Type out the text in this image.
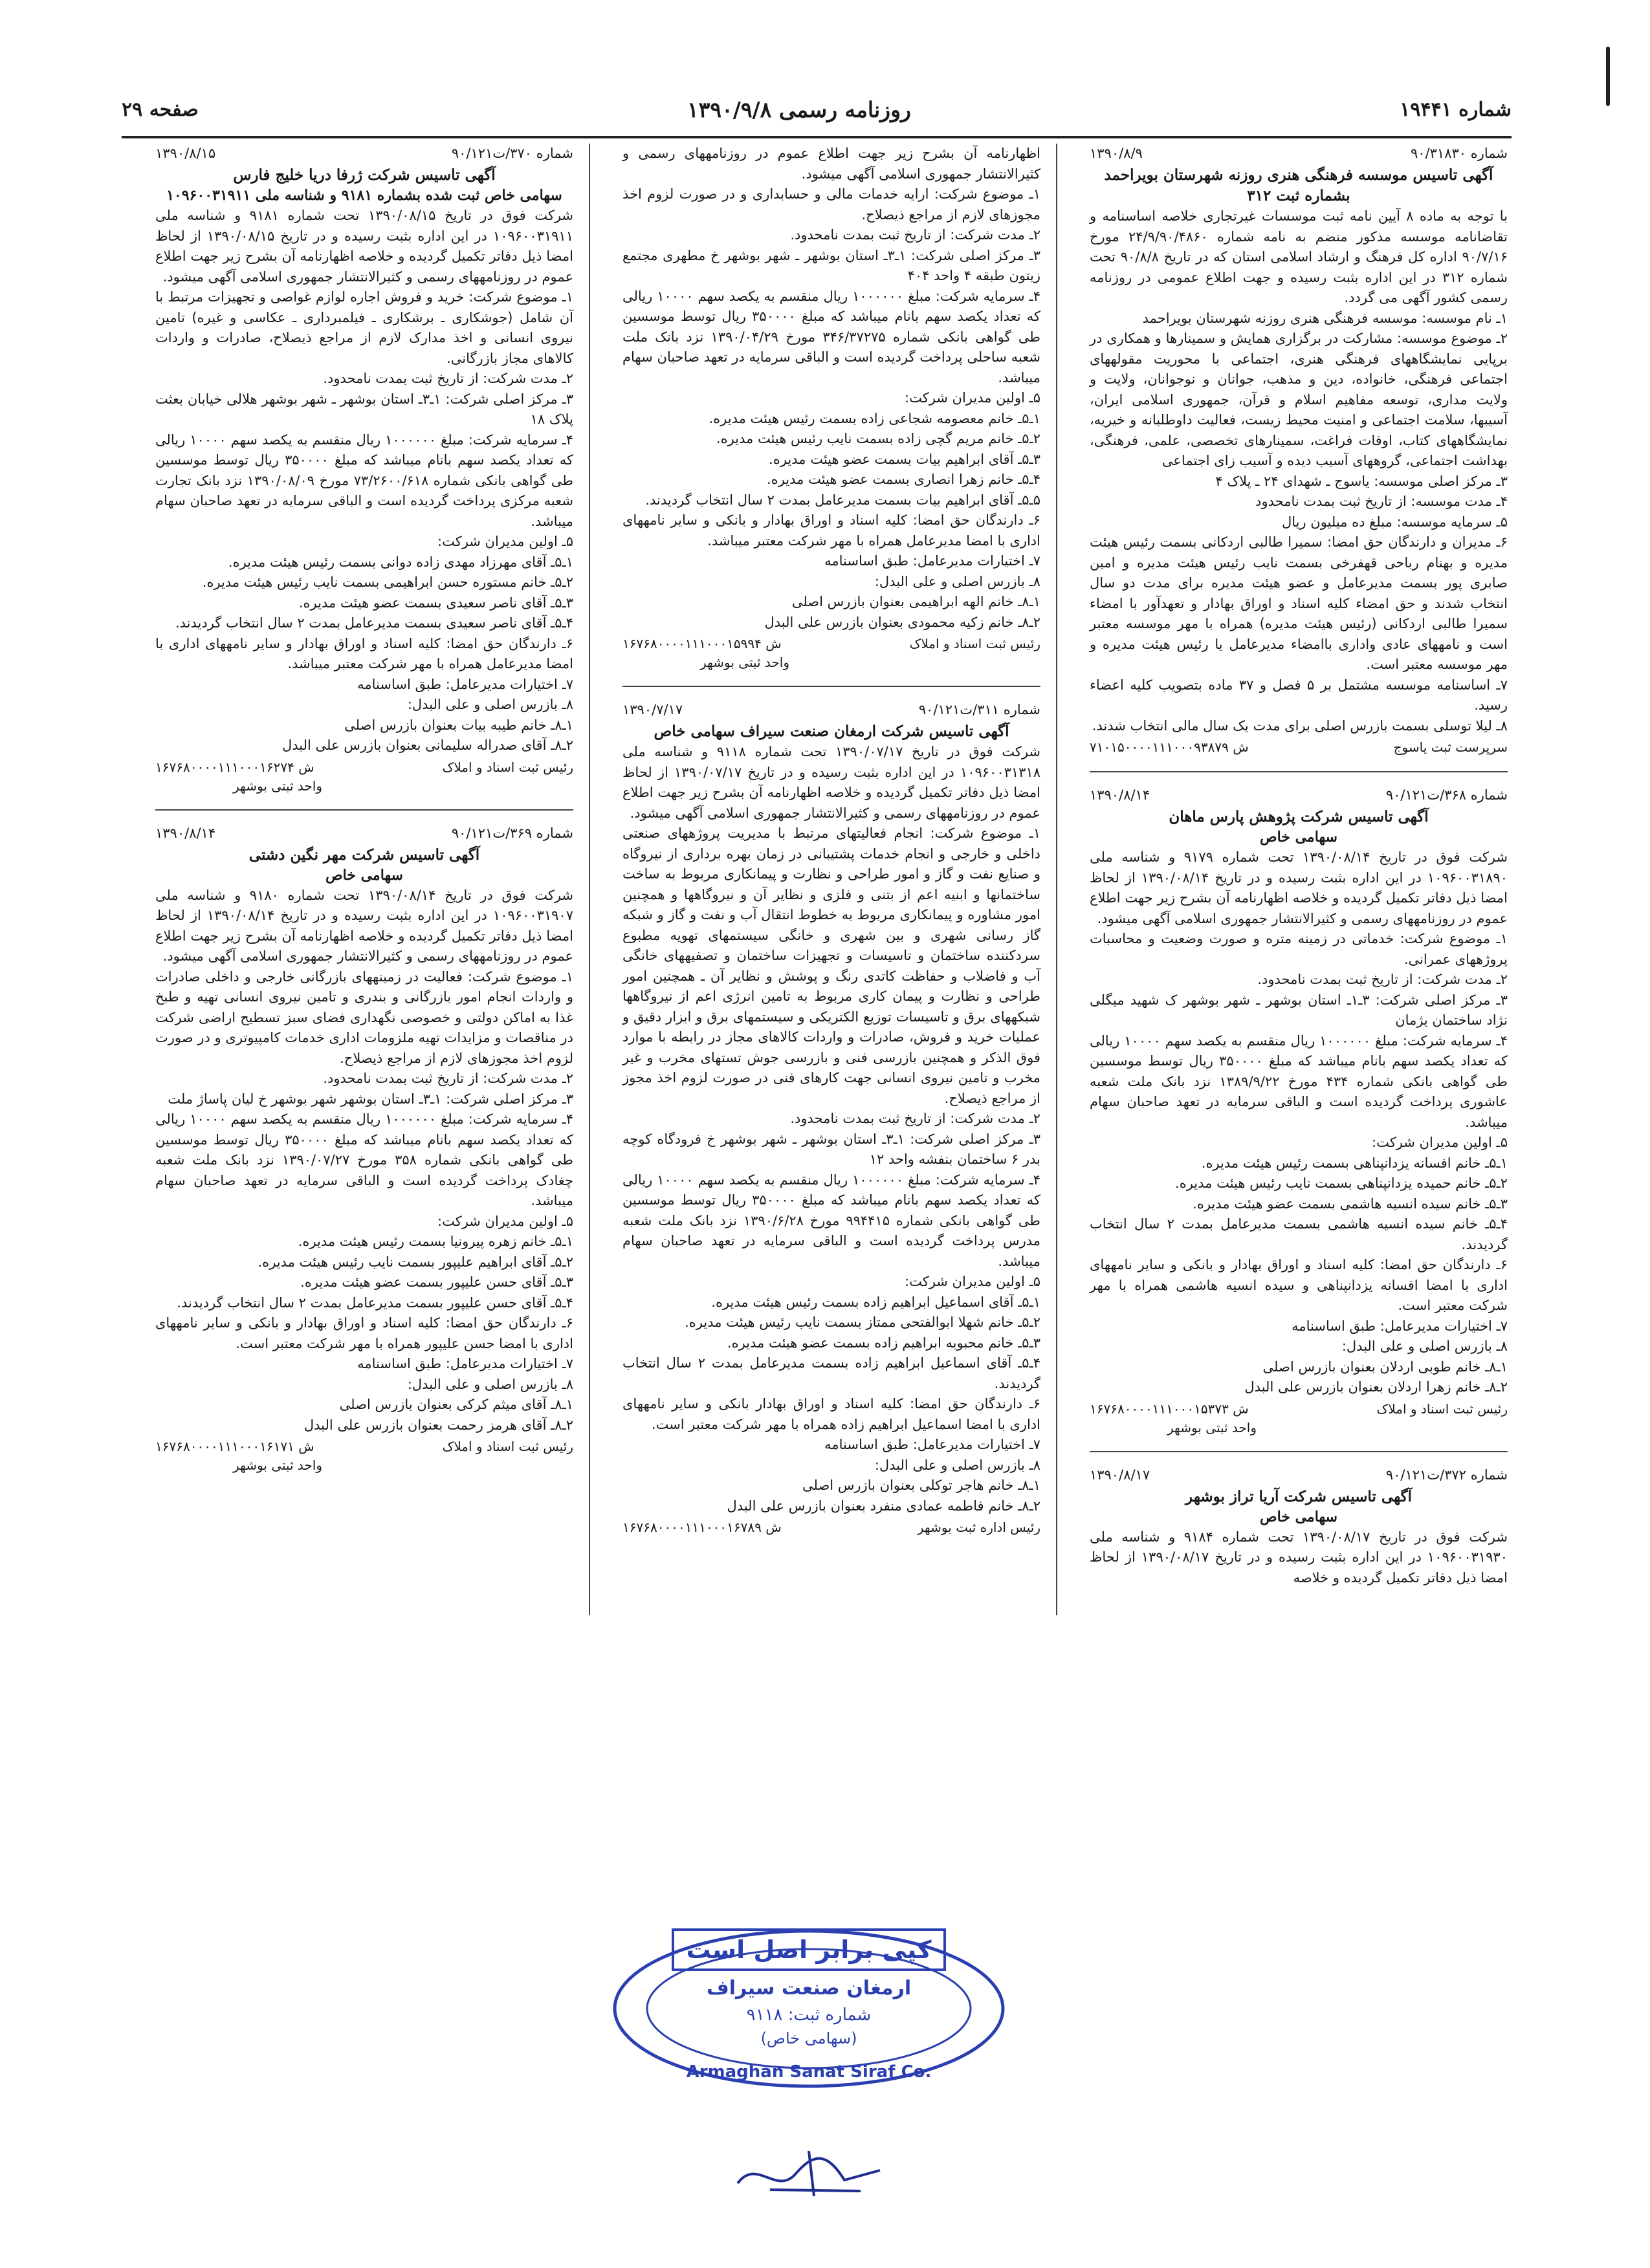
شماره ۱۹۴۴۱
روزنامه رسمی ۱۳۹۰/۹/۸
صفحه ۲۹
شماره ۹۰/۳۱۸۳۰
۱۳۹۰/۸/۹
آگهی تاسیس موسسه فرهنگی هنری روزنه شهرستان بویراحمد بشماره ثبت ۳۱۲

با توجه به ماده ۸ آیین نامه ثبت موسسات غیرتجاری خلاصه اساسنامه و تقاضانامه موسسه مذکور منضم به نامه شماره ۲۴/۹/۹۰/۴۸۶۰ مورخ ۹۰/۷/۱۶ اداره کل فرهنگ و ارشاد اسلامی استان که در تاریخ ۹۰/۸/۸ تحت شماره ۳۱۲ در این اداره بثبت رسیده و جهت اطلاع عمومی در روزنامه رسمی کشور آگهی می گردد.

۱ـ نام موسسه: موسسه فرهنگی هنری روزنه شهرستان بویراحمد

۲ـ موضوع موسسه: مشارکت در برگزاری همایش و سمینارها و همکاری در برپایی نمایشگاههای فرهنگی هنری، اجتماعی با محوریت مقولههای اجتماعی فرهنگی، خانواده، دین و مذهب، جوانان و نوجوانان، ولایت و ولایت مداری، توسعه مفاهیم اسلام و قرآن، جمهوری اسلامی ایران، آسیبها، سلامت اجتماعی و امنیت محیط زیست، فعالیت داوطلبانه و خیریه، نمایشگاههای کتاب، اوقات فراغت، سمینارهای تخصصی، علمی، فرهنگی، بهداشت اجتماعی، گروههای آسیب دیده و آسیب زای اجتماعی

۳ـ مرکز اصلی موسسه: یاسوج ـ شهدای ۲۴ ـ پلاک ۴

۴ـ مدت موسسه: از تاریخ ثبت بمدت نامحدود

۵ـ سرمایه موسسه: مبلغ ده میلیون ریال

۶ـ مدیران و دارندگان حق امضا: سمیرا طالبی اردکانی بسمت رئیس هیئت مدیره و بهنام رباحی قهفرخی بسمت نایب رئیس هیئت مدیره و امین صابری پور بسمت مدیرعامل و عضو هیئت مدیره برای مدت دو سال انتخاب شدند و حق امضاء کلیه اسناد و اوراق بهادار و تعهدآور با امضاء سمیرا طالبی اردکانی (رئیس هیئت مدیره) همراه با مهر موسسه معتبر است و نامههای عادی واداری باامضاء مدیرعامل یا رئیس هیئت مدیره و مهر موسسه معتبر است.

۷ـ اساسنامه موسسه مشتمل بر ۵ فصل و ۳۷ ماده بتصویب کلیه اعضاء رسید.

۸ـ لیلا توسلی بسمت بازرس اصلی برای مدت یک سال مالی انتخاب شدند.

سرپرست ثبت یاسوج
ش ۷۱۰۱۵۰۰۰۰۱۱۱۰۰۰۹۳۸۷۹
شماره ۳۶۸/ت۹۰/۱۲۱
۱۳۹۰/۸/۱۴
آگهی تاسیس شرکت پژوهش پارس ماهان
سهامی خاص

شرکت فوق در تاریخ ۱۳۹۰/۰۸/۱۴ تحت شماره ۹۱۷۹ و شناسه ملی ۱۰۹۶۰۰۳۱۸۹۰ در این اداره بثبت رسیده و در تاریخ ۱۳۹۰/۰۸/۱۴ از لحاظ امضا ذیل دفاتر تکمیل گردیده و خلاصه اظهارنامه آن بشرح زیر جهت اطلاع عموم در روزنامههای رسمی و کثیرالانتشار جمهوری اسلامی آگهی میشود.

۱ـ موضوع شرکت: خدماتی در زمینه متره و صورت وضعیت و محاسبات پروژههای عمرانی.

۲ـ مدت شرکت: از تاریخ ثبت بمدت نامحدود.

۳ـ مرکز اصلی شرکت: ۳ـ۱ـ استان بوشهر ـ شهر بوشهر ک شهید میگلی نژاد ساختمان یژمان

۴ـ سرمایه شرکت: مبلغ ۱۰۰۰۰۰۰ ریال منقسم به یکصد سهم ۱۰۰۰۰ ریالی که تعداد یکصد سهم بانام میباشد که مبلغ ۳۵۰۰۰۰ ریال توسط موسسین طی گواهی بانکی شماره ۴۳۴ مورخ ۱۳۸۹/۹/۲۲ نزد بانک ملت شعبه عاشوری پرداخت گردیده است و الباقی سرمایه در تعهد صاحبان سهام میباشد.

۵ـ اولین مدیران شرکت:

۱ـ۵ـ خانم افسانه یزدانپناهی بسمت رئیس هیئت مدیره.

۲ـ۵ـ خانم حمیده یزدانپناهی بسمت نایب رئیس هیئت مدیره.

۳ـ۵ـ خانم سیده انسیه هاشمی بسمت عضو هیئت مدیره.

۴ـ۵ـ خانم سیده انسیه هاشمی بسمت مدیرعامل بمدت ۲ سال انتخاب گردیدند.

۶ـ دارندگان حق امضا: کلیه اسناد و اوراق بهادار و بانکی و سایر نامههای اداری با امضا افسانه یزدانپناهی و سیده انسیه هاشمی همراه با مهر شرکت معتبر است.

۷ـ اختیارات مدیرعامل: طبق اساسنامه

۸ـ بازرس اصلی و علی البدل:

۱ـ۸ـ خانم طوبی اردلان بعنوان بازرس اصلی

۲ـ۸ـ خانم زهرا اردلان بعنوان بازرس علی البدل

رئیس ثبت اسناد و املاک
ش ۱۶۷۶۸۰۰۰۰۱۱۱۰۰۰۱۵۳۷۳
واحد ثبتی بوشهر
شماره ۳۷۲/ت۹۰/۱۲۱
۱۳۹۰/۸/۱۷
آگهی تاسیس شرکت آریا تراز بوشهر
سهامی خاص

شرکت فوق در تاریخ ۱۳۹۰/۰۸/۱۷ تحت شماره ۹۱۸۴ و شناسه ملی ۱۰۹۶۰۰۳۱۹۳۰ در این اداره بثبت رسیده و در تاریخ ۱۳۹۰/۰۸/۱۷ از لحاظ امضا ذیل دفاتر تکمیل گردیده و خلاصه

اظهارنامه آن بشرح زیر جهت اطلاع عموم در روزنامههای رسمی و کثیرالانتشار جمهوری اسلامی آگهی میشود.

۱ـ موضوع شرکت: ارایه خدمات مالی و حسابداری و در صورت لزوم اخذ مجوزهای لازم از مراجع ذیصلاح.

۲ـ مدت شرکت: از تاریخ ثبت بمدت نامحدود.

۳ـ مرکز اصلی شرکت: ۱ـ۳ـ استان بوشهر ـ شهر بوشهر خ مطهری مجتمع زیتون طبقه ۴ واحد ۴۰۴

۴ـ سرمایه شرکت: مبلغ ۱۰۰۰۰۰۰ ریال منقسم به یکصد سهم ۱۰۰۰۰ ریالی که تعداد یکصد سهم بانام میباشد که مبلغ ۳۵۰۰۰۰ ریال توسط موسسین طی گواهی بانکی شماره ۳۴۶/۳۷۲۷۵ مورخ ۱۳۹۰/۰۴/۲۹ نزد بانک ملت شعبه ساحلی پرداخت گردیده است و الباقی سرمایه در تعهد صاحبان سهام میباشد.

۵ـ اولین مدیران شرکت:

۱ـ۵ـ خانم معصومه شجاعی زاده بسمت رئیس هیئت مدیره.

۲ـ۵ـ خانم مریم گچی زاده بسمت نایب رئیس هیئت مدیره.

۳ـ۵ـ آقای ابراهیم بیات بسمت عضو هیئت مدیره.

۴ـ۵ـ خانم زهرا انصاری بسمت عضو هیئت مدیره.

۵ـ۵ـ آقای ابراهیم بیات بسمت مدیرعامل بمدت ۲ سال انتخاب گردیدند.

۶ـ دارندگان حق امضا: کلیه اسناد و اوراق بهادار و بانکی و سایر نامههای اداری با امضا مدیرعامل همراه با مهر شرکت معتبر میباشد.

۷ـ اختیارات مدیرعامل: طبق اساسنامه

۸ـ بازرس اصلی و علی البدل:

۱ـ۸ـ خانم الهه ابراهیمی بعنوان بازرس اصلی

۲ـ۸ـ خانم زکیه محمودی بعنوان بازرس علی البدل

رئیس ثبت اسناد و املاک
ش ۱۶۷۶۸۰۰۰۰۱۱۱۰۰۰۱۵۹۹۴
واحد ثبتی بوشهر
شماره ۳۱۱/ت۹۰/۱۲۱
۱۳۹۰/۷/۱۷
آگهی تاسیس شرکت ارمغان صنعت سیراف سهامی خاص

شرکت فوق در تاریخ ۱۳۹۰/۰۷/۱۷ تحت شماره ۹۱۱۸ و شناسه ملی ۱۰۹۶۰۰۳۱۳۱۸ در این اداره بثبت رسیده و در تاریخ ۱۳۹۰/۰۷/۱۷ از لحاظ امضا ذیل دفاتر تکمیل گردیده و خلاصه اظهارنامه آن بشرح زیر جهت اطلاع عموم در روزنامههای رسمی و کثیرالانتشار جمهوری اسلامی آگهی میشود.

۱ـ موضوع شرکت: انجام فعالیتهای مرتبط با مدیریت پروژههای صنعتی داخلی و خارجی و انجام خدمات پشتیبانی در زمان بهره برداری از نیروگاه و صنایع نفت و گاز و امور طراحی و نظارت و پیمانکاری مربوط به ساخت ساختمانها و ابنیه اعم از بتنی و فلزی و نظایر آن و نیروگاهها و همچنین امور مشاوره و پیمانکاری مربوط به خطوط انتقال آب و نفت و گاز و شبکه گاز رسانی شهری و بین شهری و خانگی سیستمهای تهویه مطبوع سردکننده ساختمان و تاسیسات و تجهیزات ساختمان و تصفیههای خانگی آب و فاضلاب و حفاظت کاتدی رنگ و پوشش و نظایر آن ـ همچنین امور طراحی و نظارت و پیمان کاری مربوط به تامین انرژی اعم از نیروگاهها شبکههای برق و تاسیسات توزیع الکتریکی و سیستمهای برق و ابزار دقیق و عملیات خرید و فروش، صادرات و واردات کالاهای مجاز در رابطه با موارد فوق الذکر و همچنین بازرسی فنی و بازرسی جوش تستهای مخرب و غیر مخرب و تامین نیروی انسانی جهت کارهای فنی در صورت لزوم اخذ مجوز از مراجع ذیصلاح.

۲ـ مدت شرکت: از تاریخ ثبت بمدت نامحدود.

۳ـ مرکز اصلی شرکت: ۱ـ۳ـ استان بوشهر ـ شهر بوشهر خ فرودگاه کوچه بدر ۶ ساختمان بنفشه واحد ۱۲

۴ـ سرمایه شرکت: مبلغ ۱۰۰۰۰۰۰ ریال منقسم به یکصد سهم ۱۰۰۰۰ ریالی که تعداد یکصد سهم بانام میباشد که مبلغ ۳۵۰۰۰۰ ریال توسط موسسین طی گواهی بانکی شماره ۹۹۴۴۱۵ مورخ ۱۳۹۰/۶/۲۸ نزد بانک ملت شعبه مدرس پرداخت گردیده است و الباقی سرمایه در تعهد صاحبان سهام میباشد.

۵ـ اولین مدیران شرکت:

۱ـ۵ـ آقای اسماعیل ابراهیم زاده بسمت رئیس هیئت مدیره.

۲ـ۵ـ خانم شهلا ابوالفتحی ممتاز بسمت نایب رئیس هیئت مدیره.

۳ـ۵ـ خانم محبوبه ابراهیم زاده بسمت عضو هیئت مدیره.

۴ـ۵ـ آقای اسماعیل ابراهیم زاده بسمت مدیرعامل بمدت ۲ سال انتخاب گردیدند.

۶ـ دارندگان حق امضا: کلیه اسناد و اوراق بهادار بانکی و سایر نامههای اداری با امضا اسماعیل ابراهیم زاده همراه با مهر شرکت معتبر است.

۷ـ اختیارات مدیرعامل: طبق اساسنامه

۸ـ بازرس اصلی و علی البدل:

۱ـ۸ـ خانم هاجر توکلی بعنوان بازرس اصلی

۲ـ۸ـ خانم فاطمه عمادی منفرد بعنوان بازرس علی البدل

رئیس اداره ثبت بوشهر
ش ۱۶۷۶۸۰۰۰۰۱۱۱۰۰۰۱۶۷۸۹
شماره ۳۷۰/ت۹۰/۱۲۱
۱۳۹۰/۸/۱۵
آگهی تاسیس شرکت ژرفا دریا خلیج فارس
سهامی خاص ثبت شده بشماره ۹۱۸۱ و شناسه ملی ۱۰۹۶۰۰۳۱۹۱۱

شرکت فوق در تاریخ ۱۳۹۰/۰۸/۱۵ تحت شماره ۹۱۸۱ و شناسه ملی ۱۰۹۶۰۰۳۱۹۱۱ در این اداره بثبت رسیده و در تاریخ ۱۳۹۰/۰۸/۱۵ از لحاظ امضا ذیل دفاتر تکمیل گردیده و خلاصه اظهارنامه آن بشرح زیر جهت اطلاع عموم در روزنامههای رسمی و کثیرالانتشار جمهوری اسلامی آگهی میشود.

۱ـ موضوع شرکت: خرید و فروش اجاره لوازم غواصی و تجهیزات مرتبط با آن شامل (جوشکاری ـ برشکاری ـ فیلمبرداری ـ عکاسی و غیره) تامین نیروی انسانی و اخذ مدارک لازم از مراجع ذیصلاح، صادرات و واردات کالاهای مجاز بازرگانی.

۲ـ مدت شرکت: از تاریخ ثبت بمدت نامحدود.

۳ـ مرکز اصلی شرکت: ۱ـ۳ـ استان بوشهر ـ شهر بوشهر هلالی خیابان بعثت پلاک ۱۸

۴ـ سرمایه شرکت: مبلغ ۱۰۰۰۰۰۰ ریال منقسم به یکصد سهم ۱۰۰۰۰ ریالی که تعداد یکصد سهم بانام میباشد که مبلغ ۳۵۰۰۰۰ ریال توسط موسسین طی گواهی بانکی شماره ۷۳/۲۶۰۰/۶۱۸ مورخ ۱۳۹۰/۰۸/۰۹ نزد بانک تجارت شعبه مرکزی پرداخت گردیده است و الباقی سرمایه در تعهد صاحبان سهام میباشد.

۵ـ اولین مدیران شرکت:

۱ـ۵ـ آقای مهرزاد مهدی زاده دوانی بسمت رئیس هیئت مدیره.

۲ـ۵ـ خانم مستوره حسن ابراهیمی بسمت نایب رئیس هیئت مدیره.

۳ـ۵ـ آقای ناصر سعیدی بسمت عضو هیئت مدیره.

۴ـ۵ـ آقای ناصر سعیدی بسمت مدیرعامل بمدت ۲ سال انتخاب گردیدند.

۶ـ دارندگان حق امضا: کلیه اسناد و اوراق بهادار و سایر نامههای اداری با امضا مدیرعامل همراه با مهر شرکت معتبر میباشد.

۷ـ اختیارات مدیرعامل: طبق اساسنامه

۸ـ بازرس اصلی و علی البدل:

۱ـ۸ـ خانم طیبه بیات بعنوان بازرس اصلی

۲ـ۸ـ آقای صدراله سلیمانی بعنوان بازرس علی البدل

رئیس ثبت اسناد و املاک
ش ۱۶۷۶۸۰۰۰۰۱۱۱۰۰۰۱۶۲۷۴
واحد ثبتی بوشهر
شماره ۳۶۹/ت۹۰/۱۲۱
۱۳۹۰/۸/۱۴
آگهی تاسیس شرکت مهر نگین دشتی
سهامی خاص

شرکت فوق در تاریخ ۱۳۹۰/۰۸/۱۴ تحت شماره ۹۱۸۰ و شناسه ملی ۱۰۹۶۰۰۳۱۹۰۷ در این اداره بثبت رسیده و در تاریخ ۱۳۹۰/۰۸/۱۴ از لحاظ امضا ذیل دفاتر تکمیل گردیده و خلاصه اظهارنامه آن بشرح زیر جهت اطلاع عموم در روزنامههای رسمی و کثیرالانتشار جمهوری اسلامی آگهی میشود.

۱ـ موضوع شرکت: فعالیت در زمینههای بازرگانی خارجی و داخلی صادرات و واردات انجام امور بازرگانی و بندری و تامین نیروی انسانی تهیه و طبخ غذا به اماکن دولتی و خصوصی نگهداری فضای سبز تسطیح اراضی شرکت در مناقصات و مزایدات تهیه ملزومات اداری خدمات کامپیوتری و در صورت لزوم اخذ مجوزهای لازم از مراجع ذیصلاح.

۲ـ مدت شرکت: از تاریخ ثبت بمدت نامحدود.

۳ـ مرکز اصلی شرکت: ۱ـ۳ـ استان بوشهر شهر بوشهر خ لیان پاساژ ملت

۴ـ سرمایه شرکت: مبلغ ۱۰۰۰۰۰۰ ریال منقسم به یکصد سهم ۱۰۰۰۰ ریالی که تعداد یکصد سهم بانام میباشد که مبلغ ۳۵۰۰۰۰ ریال توسط موسسین طی گواهی بانکی شماره ۳۵۸ مورخ ۱۳۹۰/۰۷/۲۷ نزد بانک ملت شعبه چغادک پرداخت گردیده است و الباقی سرمایه در تعهد صاحبان سهام میباشد.

۵ـ اولین مدیران شرکت:

۱ـ۵ـ خانم زهره پیرونیا بسمت رئیس هیئت مدیره.

۲ـ۵ـ آقای ابراهیم علیپور بسمت نایب رئیس هیئت مدیره.

۳ـ۵ـ آقای حسن علیپور بسمت عضو هیئت مدیره.

۴ـ۵ـ آقای حسن علیپور بسمت مدیرعامل بمدت ۲ سال انتخاب گردیدند.

۶ـ دارندگان حق امضا: کلیه اسناد و اوراق بهادار و بانکی و سایر نامههای اداری با امضا حسن علیپور همراه با مهر شرکت معتبر است.

۷ـ اختیارات مدیرعامل: طبق اساسنامه

۸ـ بازرس اصلی و علی البدل:

۱ـ۸ـ آقای میثم کرکی بعنوان بازرس اصلی

۲ـ۸ـ آقای هرمز رحمت بعنوان بازرس علی البدل

رئیس ثبت اسناد و املاک
ش ۱۶۷۶۸۰۰۰۰۱۱۱۰۰۰۱۶۱۷۱
واحد ثبتی بوشهر
کپی برابر اصل است
ارمغان صنعت سیراف
شماره ثبت: ۹۱۱۸
(سهامی خاص)
Armaghan Sanat Siraf Co.
